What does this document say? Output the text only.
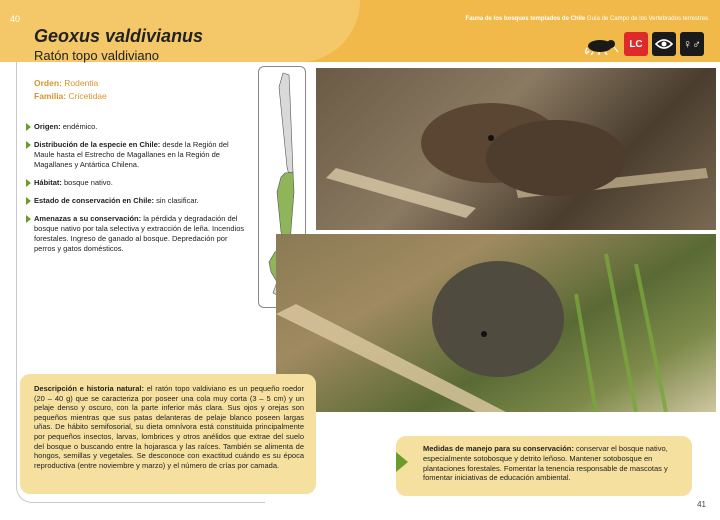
40
Geoxus valdivianus
Ratón topo valdiviano
Fauna de los bosques templados de Chile Guía de Campo de los Vertebrados terrestres
LC	♀♂
Orden: Rodentia
Familia: Cricetidae
Origen: endémico.
Distribución de la especie en Chile: desde la Región del Maule hasta el Estrecho de Magallanes en la Región de Magallanes y Antártica Chilena.
Hábitat: bosque nativo.
Estado de conservación en Chile: sin clasificar.
Amenazas a su conservación: la pérdida y degradación del bosque nativo por tala selectiva y extracción de leña. Incendios forestales. Ingreso de ganado al bosque. Depredación por perros y gatos domésticos.
Descripción e historia natural: el ratón topo valdiviano es un pequeño roedor (20 – 40 g) que se caracteriza por poseer una cola muy corta (3 – 5 cm) y un pelaje denso y oscuro, con la parte inferior más clara. Sus ojos y orejas son pequeños mientras que sus patas delanteras de pelaje blanco poseen largas uñas. De hábito semifosorial, su dieta omnívora está constituida principalmente por pequeños insectos, larvas, lombrices y otros anélidos que extrae del suelo del bosque o buscando entre la hojarasca y las raíces. También se alimenta de hongos, semillas y vegetales. Se desconoce con exactitud cuándo es su época reproductiva (entre noviembre y marzo) y el número de crías por camada.
Medidas de manejo para su conservación: conservar el bosque nativo, especialmente sotobosque y detrito leñoso. Mantener sotobosque en plantaciones forestales. Fomentar la tenencia responsable de mascotas y fomentar iniciativas de educación ambiental.
41
